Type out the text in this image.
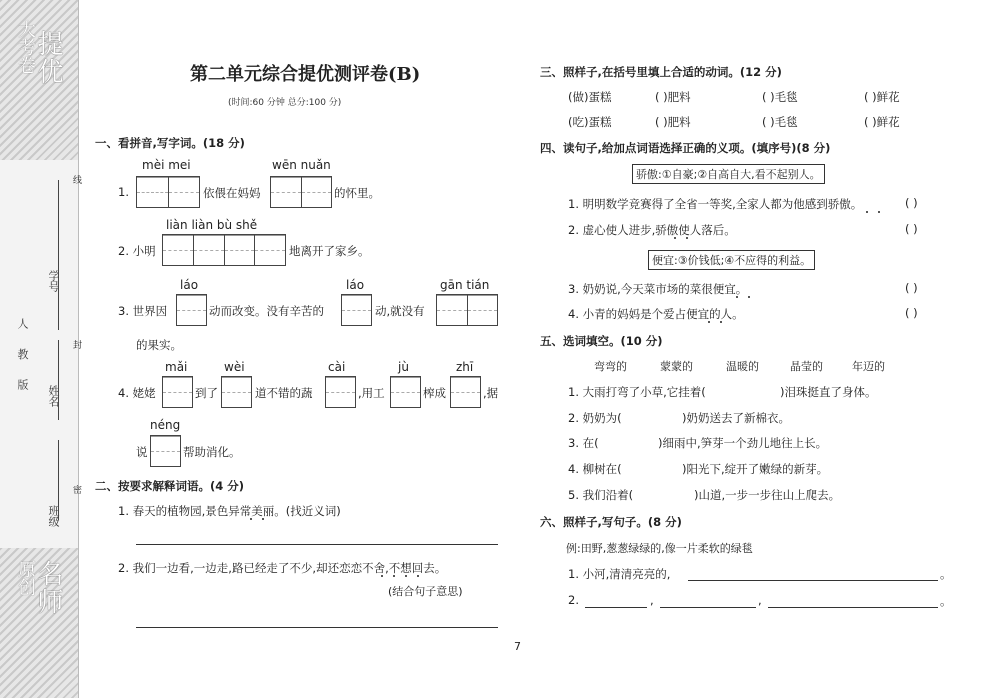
提优
大考卷
人 教 版
学号
姓名
班级
线
封
密
名师
原创
第二单元综合提优测评卷(B)
(时间:60 分钟 总分:100 分)
一、看拼音,写字词。(18 分)
1.
mèi mei
依偎在妈妈
wēn nuǎn
的怀里。
2. 小明
liàn liàn bù shě
地离开了家乡。
3. 世界因
láo
动而改变。没有辛苦的
láo
动,就没有
gān tián
的果实。
4. 姥姥
mǎi
到了
wèi
道不错的蔬
cài
,用工
jù
榨成
zhī
,据
néng
说	帮助消化。
二、按要求解释词语。(4 分)
1. 春天的植物园,景色异常美丽。(找近义词)
2. 我们一边看,一边走,路已经走了不少,却还恋恋不舍,不想回去。
(结合句子意思)
7
三、照样子,在括号里填上合适的动词。(12 分)
(做)蛋糕	( )肥料	( )毛毯	( )鲜花
(吃)蛋糕	( )肥料	( )毛毯	( )鲜花
四、读句子,给加点词语选择正确的义项。(填序号)(8 分)
骄傲:①自豪;②自高自大,看不起别人。
1. 明明数学竞赛得了全省一等奖,全家人都为他感到骄傲。	( )
2. 虚心使人进步,骄傲使人落后。	( )
便宜:③价钱低;④不应得的利益。
3. 奶奶说,今天菜市场的菜很便宜。	( )
4. 小青的妈妈是个爱占便宜的人。	( )
五、选词填空。(10 分)
弯弯的	蒙蒙的	温暖的	晶莹的	年迈的
1. 大雨打弯了小草,它挂着(	)泪珠挺直了身体。
2. 奶奶为(	)奶奶送去了新棉衣。
3. 在(	)细雨中,笋芽一个劲儿地往上长。
4. 柳树在(	)阳光下,绽开了嫩绿的新芽。
5. 我们沿着(	)山道,一步一步往山上爬去。
六、照样子,写句子。(8 分)
例:田野,葱葱绿绿的,像一片柔软的绿毯
1. 小河,清清亮亮的,	。
2.	,	,	。
